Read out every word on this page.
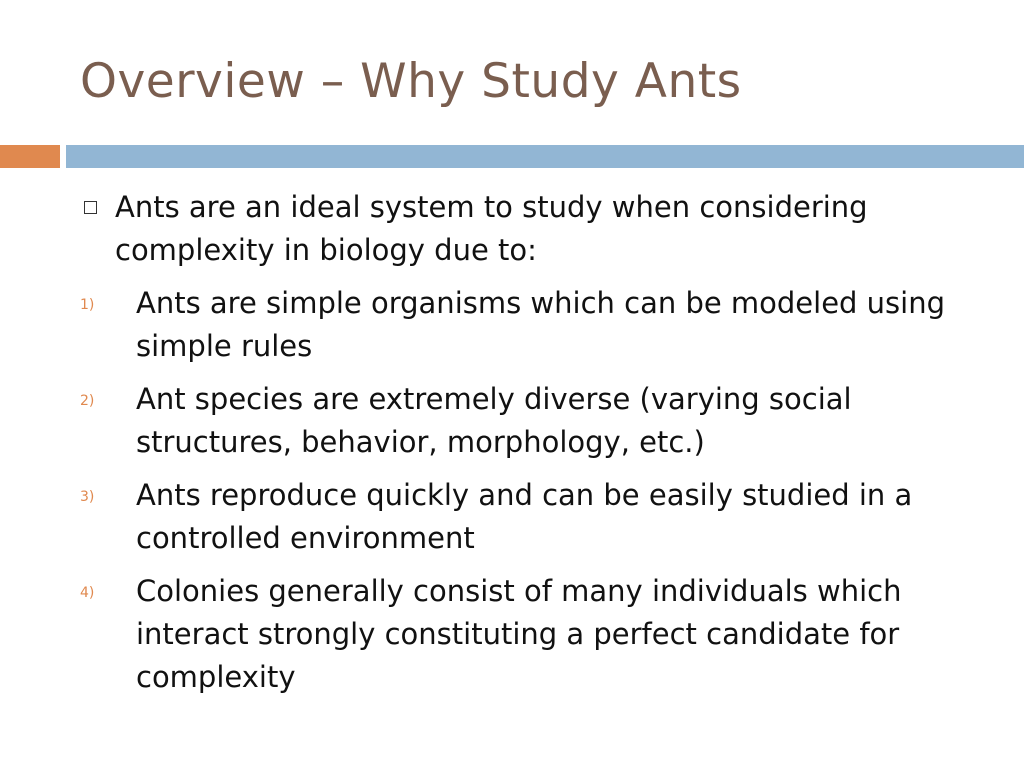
Overview – Why Study Ants
Ants are an ideal system to study when considering complexity in biology due to:
1)	Ants are simple organisms which can be modeled using simple rules
2)	Ant species are extremely diverse (varying social structures, behavior, morphology, etc.)
3)	Ants reproduce quickly and can be easily studied in a controlled environment
4)	Colonies generally consist of many individuals which interact strongly constituting a perfect candidate for complexity
